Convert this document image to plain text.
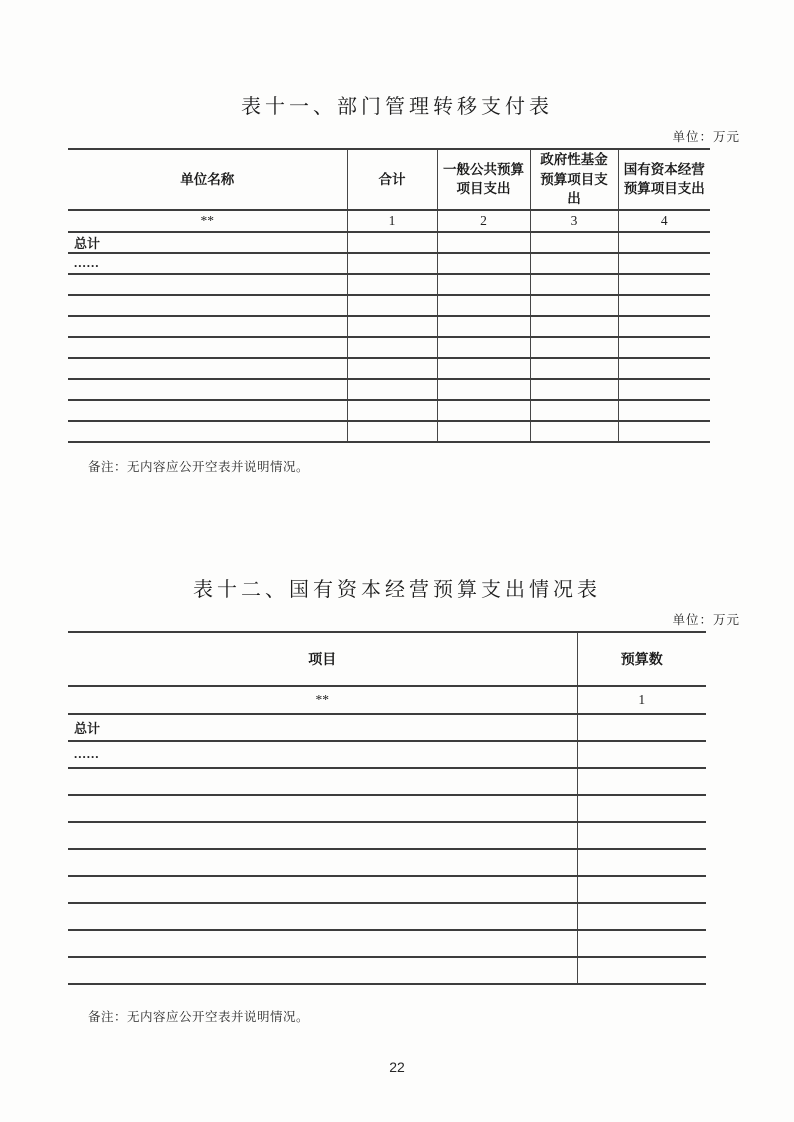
表十一、部门管理转移支付表
单位：万元
单位名称	合计	一般公共预算项目支出	政府性基金预算项目支出	国有资本经营预算项目支出
**	1	2	3	4
总计				
......				

备注：无内容应公开空表并说明情况。
表十二、国有资本经营预算支出情况表
单位：万元
项目	预算数
**	1
总计	
......	

备注：无内容应公开空表并说明情况。
22
